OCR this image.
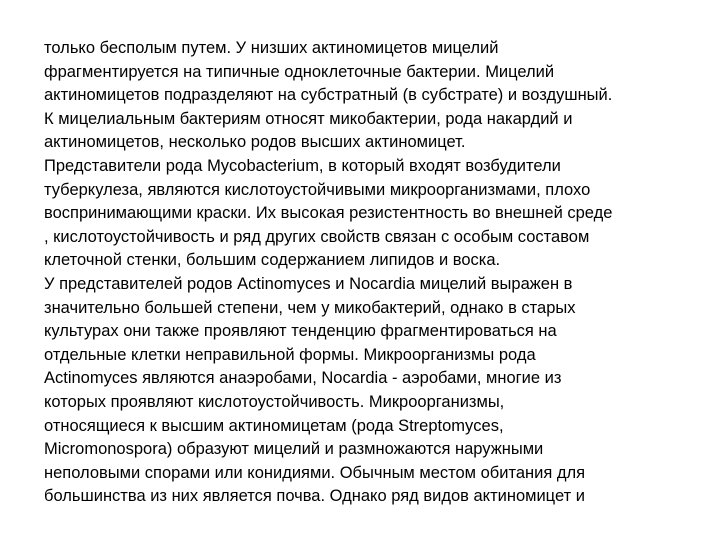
только бесполым путем. У низших актиномицетов мицелий
фрагментируется на типичные одноклеточные бактерии. Мицелий
актиномицетов подразделяют на субстратный (в субстрате) и воздушный.
К мицелиальным бактериям относят микобактерии, рода накардий и
актиномицетов, несколько родов высших актиномицет.
Представители рода Mycobacterium, в который входят возбудители
туберкулеза, являются кислотоустойчивыми микроорганизмами, плохо
воспринимающими краски. Их высокая резистентность во внешней среде
, кислотоустойчивость и ряд других свойств связан с особым составом
клеточной стенки, большим содержанием липидов и воска.
У представителей родов Actinomyces и Nocardia мицелий выражен в
значительно большей степени, чем у микобактерий, однако в старых
культурах они также проявляют тенденцию фрагментироваться на
отдельные клетки неправильной формы. Микроорганизмы рода
Actinomyces являются анаэробами, Nocardia - аэробами, многие из
которых проявляют кислотоустойчивость. Микроорганизмы,
относящиеся к высшим актиномицетам (рода Streptomyces,
Micromonospora) образуют мицелий и размножаются наружными
неполовыми спорами или конидиями. Обычным местом обитания для
большинства из них является почва. Однако ряд видов актиномицет и
